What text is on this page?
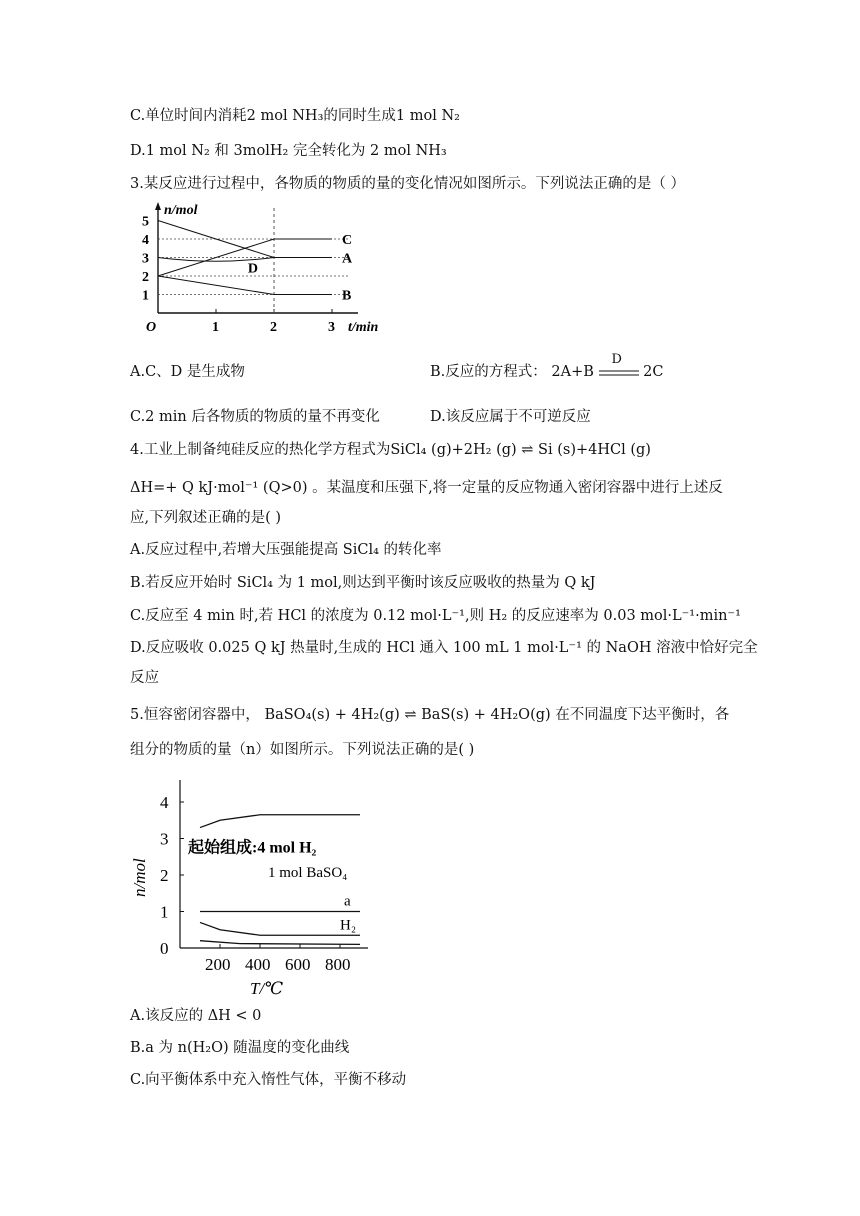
C.单位时间内消耗2 mol NH₃的同时生成1 mol N₂
D.1 mol N₂ 和 3molH₂ 完全转化为 2 mol NH₃
3.某反应进行过程中，各物质的物质的量的变化情况如图所示。下列说法正确的是（ ）
n/mol
t/min
O
1
2
3
4
5
1	2	3
C
A
B
D
A.C、D 是生成物	B.反应的方程式： 2A+B
D
2C
C.2 min 后各物质的物质的量不再变化	D.该反应属于不可逆反应
4.工业上制备纯硅反应的热化学方程式为SiCl₄ (g)+2H₂ (g) ⇌ Si (s)+4HCl (g)
ΔH=+ Q kJ·mol⁻¹ (Q>0) 。某温度和压强下,将一定量的反应物通入密闭容器中进行上述反
应,下列叙述正确的是( )
A.反应过程中,若增大压强能提高 SiCl₄ 的转化率
B.若反应开始时 SiCl₄ 为 1 mol,则达到平衡时该反应吸收的热量为 Q kJ
C.反应至 4 min 时,若 HCl 的浓度为 0.12 mol·L⁻¹,则 H₂ 的反应速率为 0.03 mol·L⁻¹·min⁻¹
D.反应吸收 0.025 Q kJ 热量时,生成的 HCl 通入 100 mL 1 mol·L⁻¹ 的 NaOH 溶液中恰好完全
反应
5.恒容密闭容器中， BaSO₄(s) + 4H₂(g) ⇌ BaS(s) + 4H₂O(g) 在不同温度下达平衡时，各
组分的物质的量（n）如图所示。下列说法正确的是( )
0
1
2
3
4
200 400 600 800
n/mol
T/℃
起始组成:4 mol H₂
1 mol BaSO₄
a
H₂
A.该反应的 ΔH < 0
B.a 为 n(H₂O) 随温度的变化曲线
C.向平衡体系中充入惰性气体，平衡不移动
